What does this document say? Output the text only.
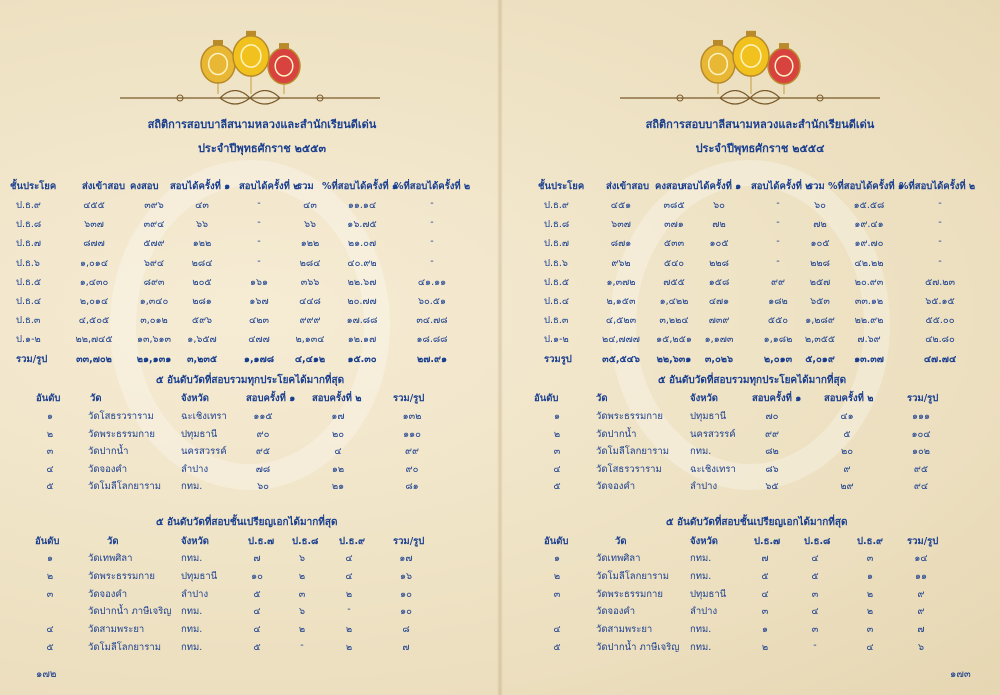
สถิติการสอบบาลีสนามหลวงและสำนักเรียนดีเด่น
ประจำปีพุทธศักราช ๒๕๕๓
ชั้นประโยค	ส่งเข้าสอบ คงสอบ สอบได้ครั้งที่ ๑ สอบได้ครั้งที่ ๒
รวม %ที่สอบได้ครั้งที่ ๑
%ที่สอบได้ครั้งที่ ๒
ป.ธ.๙	๔๕๕	๓๙๖	๔๓	-	๔๓	๑๑.๑๔	-
ป.ธ.๘	๖๓๗	๓๙๔	๖๖	-	๖๖	๑๖.๗๕	-
ป.ธ.๗	๘๗๗	๕๗๙	๑๒๒	-	๑๒๒	๒๑.๐๗	-
ป.ธ.๖	๑,๐๑๔	๖๙๔	๒๘๔	-	๒๘๔	๔๐.๙๒	-
ป.ธ.๕	๑,๔๓๐	๘๙๓	๒๐๕	๑๖๑	๓๖๖	๒๒.๖๗	๔๑.๑๑
ป.ธ.๔	๒,๐๑๔	๑,๓๔๐	๒๘๑	๑๖๗	๔๔๘	๒๐.๗๗	๖๐.๕๑
ป.ธ.๓	๔,๕๐๕	๓,๐๑๒	๕๙๖	๔๒๓	๙๙๙	๑๗.๘๘	๓๔.๗๘
ป.๑-๒	๒๒,๗๔๕	๑๓,๖๑๓ ๑,๖๕๗	๔๗๗	๒,๑๓๔ ๑๒.๑๗	๑๘.๘๘
รวม/รูป	๓๓,๗๐๒	๒๑,๑๓๑ ๓,๒๓๕	๑,๑๗๘ ๔,๔๑๒ ๑๕.๓๐	๒๗.๙๑
๕ อันดับวัดที่สอบรวมทุกประโยคได้มากที่สุด
อันดับ	วัด	จังหวัด	สอบครั้งที่ ๑ สอบครั้งที่ ๒	รวม/รูป
๑	วัดโสธรวราราม	ฉะเชิงเทรา	๑๑๕	๑๗	๑๓๒
๒	วัดพระธรรมกาย	ปทุมธานี	๙๐	๒๐	๑๑๐
๓	วัดปากน้ำ	นครสวรรค์	๙๕	๔	๙๙
๔	วัดจองคำ	ลำปาง	๗๘	๑๒	๙๐
๕	วัดโมลีโลกยาราม กทม.	๖๐	๒๑	๘๑
๕ อันดับวัดที่สอบชั้นเปรียญเอกได้มากที่สุด
อันดับ	วัด	จังหวัด	ป.ธ.๗ ป.ธ.๘ ป.ธ.๙	รวม/รูป
๑	วัดเทพศิลา	กทม.	๗	๖	๔	๑๗
๒	วัดพระธรรมกาย	ปทุมธานี	๑๐	๒	๔	๑๖
๓	วัดจองคำ	ลำปาง	๕	๓	๒	๑๐
วัดปากน้ำ ภาษีเจริญ กทม.	๔	๖	-	๑๐
๔	วัดสามพระยา	กทม.	๔	๒	๒	๘
๕	วัดโมลีโลกยาราม กทม.	๕	-	๒	๗
๑๗๒
สถิติการสอบบาลีสนามหลวงและสำนักเรียนดีเด่น
ประจำปีพุทธศักราช ๒๕๕๔
ชั้นประโยค ส่งเข้าสอบ คงสอบ
สอบได้ครั้งที่ ๑ สอบได้ครั้งที่ ๒
รวม %ที่สอบได้ครั้งที่ ๑
%ที่สอบได้ครั้งที่ ๒
ป.ธ.๙	๔๕๑	๓๘๕	๖๐	-	๖๐	๑๕.๕๘	-
ป.ธ.๘	๖๓๗	๓๗๑	๗๒	-	๗๒	๑๙.๔๑	-
ป.ธ.๗	๘๗๑	๕๓๓	๑๐๕	-	๑๐๕	๑๙.๗๐	-
ป.ธ.๖	๙๖๒	๕๔๐	๒๒๘	-	๒๒๘	๔๒.๒๒	-
ป.ธ.๕	๑,๓๗๒	๗๕๕	๑๕๘	๙๙	๒๕๗	๒๐.๙๓	๕๗.๒๓
ป.ธ.๔	๒,๑๕๓	๑,๔๒๒ ๔๗๑	๑๘๒ ๖๕๓	๓๓.๑๒	๖๕.๑๕
ป.ธ.๓	๔,๕๒๓ ๓,๒๒๔ ๗๓๙	๕๕๐ ๑,๒๘๙ ๒๒.๙๒	๕๕.๐๐
ป.๑-๒	๒๔,๗๗๗ ๑๕,๒๕๑ ๑,๑๗๓	๑,๑๘๒ ๒,๓๕๕ ๗.๖๙	๔๒.๘๐
รวมรูป	๓๕,๕๔๖ ๒๒,๖๓๑ ๓,๐๒๖	๒,๐๑๓ ๕,๐๑๙ ๑๓.๓๗	๔๗.๗๔
๕ อันดับวัดที่สอบรวมทุกประโยคได้มากที่สุด
อันดับ	วัด	จังหวัด	สอบครั้งที่ ๑ สอบครั้งที่ ๒	รวม/รูป
๑	วัดพระธรรมกาย	ปทุมธานี	๗๐	๔๑	๑๑๑
๒	วัดปากน้ำ	นครสวรรค์	๙๙	๕	๑๐๔
๓	วัดโมลีโลกยาราม กทม.	๘๒	๒๐	๑๐๒
๔	วัดโสธรวราราม	ฉะเชิงเทรา	๘๖	๙	๙๕
๕	วัดจองคำ	ลำปาง	๖๕	๒๙	๙๔
๕ อันดับวัดที่สอบชั้นเปรียญเอกได้มากที่สุด
อันดับ	วัด	จังหวัด	ป.ธ.๗	ป.ธ.๘	ป.ธ.๙	รวม/รูป
๑	วัดเทพศิลา	กทม.	๗	๔	๓	๑๔
๒	วัดโมลีโลกยาราม กทม.	๕	๕	๑	๑๑
๓	วัดพระธรรมกาย	ปทุมธานี	๔	๓	๒	๙
วัดจองคำ	ลำปาง	๓	๔	๒	๙
๔	วัดสามพระยา	กทม.	๑	๓	๓	๗
๕	วัดปากน้ำ ภาษีเจริญ กทม.	๒	-	๔	๖
๑๗๓
